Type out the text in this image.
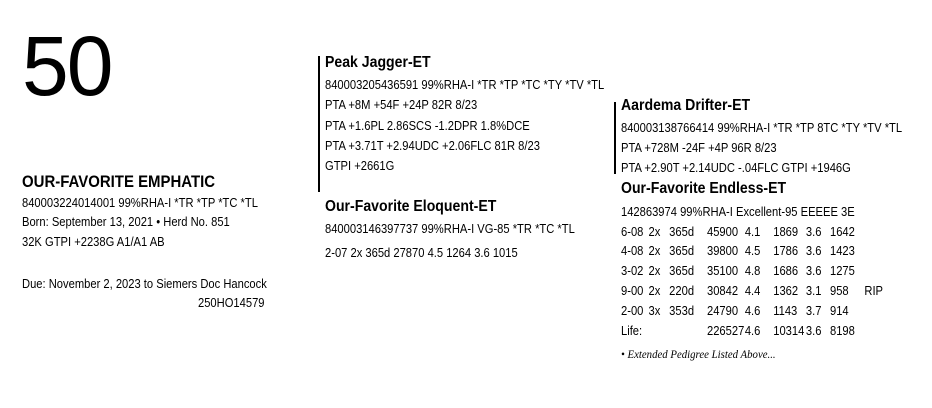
50
OUR-FAVORITE EMPHATIC
840003224014001 99%RHA-I *TR *TP *TC *TL
Born: September 13, 2021 • Herd No. 851
32K GTPI +2238G A1/A1 AB
Due: November 2, 2023 to Siemers Doc Hancock
250HO14579
Peak Jagger-ET
840003205436591 99%RHA-I *TR *TP *TC *TY *TV *TL
PTA +8M +54F +24P 82R 8/23
PTA +1.6PL 2.86SCS -1.2DPR 1.8%DCE
PTA +3.71T +2.94UDC +2.06FLC 81R 8/23
GTPI +2661G
Our-Favorite Eloquent-ET
840003146397737 99%RHA-I VG-85 *TR *TC *TL
2-07 2x 365d 27870 4.5 1264 3.6 1015
Aardema Drifter-ET
840003138766414 99%RHA-I *TR *TP 8TC *TY *TV *TL
PTA +728M -24F +4P 96R 8/23
PTA +2.90T +2.14UDC -.04FLC GTPI +1946G
Our-Favorite Endless-ET
142863974 99%RHA-I Excellent-95 EEEEE 3E
6-08 2x 365d 45900 4.1 1869 3.6 1642
4-08 2x 365d 39800 4.5 1786 3.6 1423
3-02 2x 365d 35100 4.8 1686 3.6 1275
9-00 2x 220d 30842 4.4 1362 3.1 958 RIP
2-00 3x 353d 24790 4.6 1143 3.7 914
Life:	2265274.6 10314 3.6 8198
• Extended Pedigree Listed Above...
